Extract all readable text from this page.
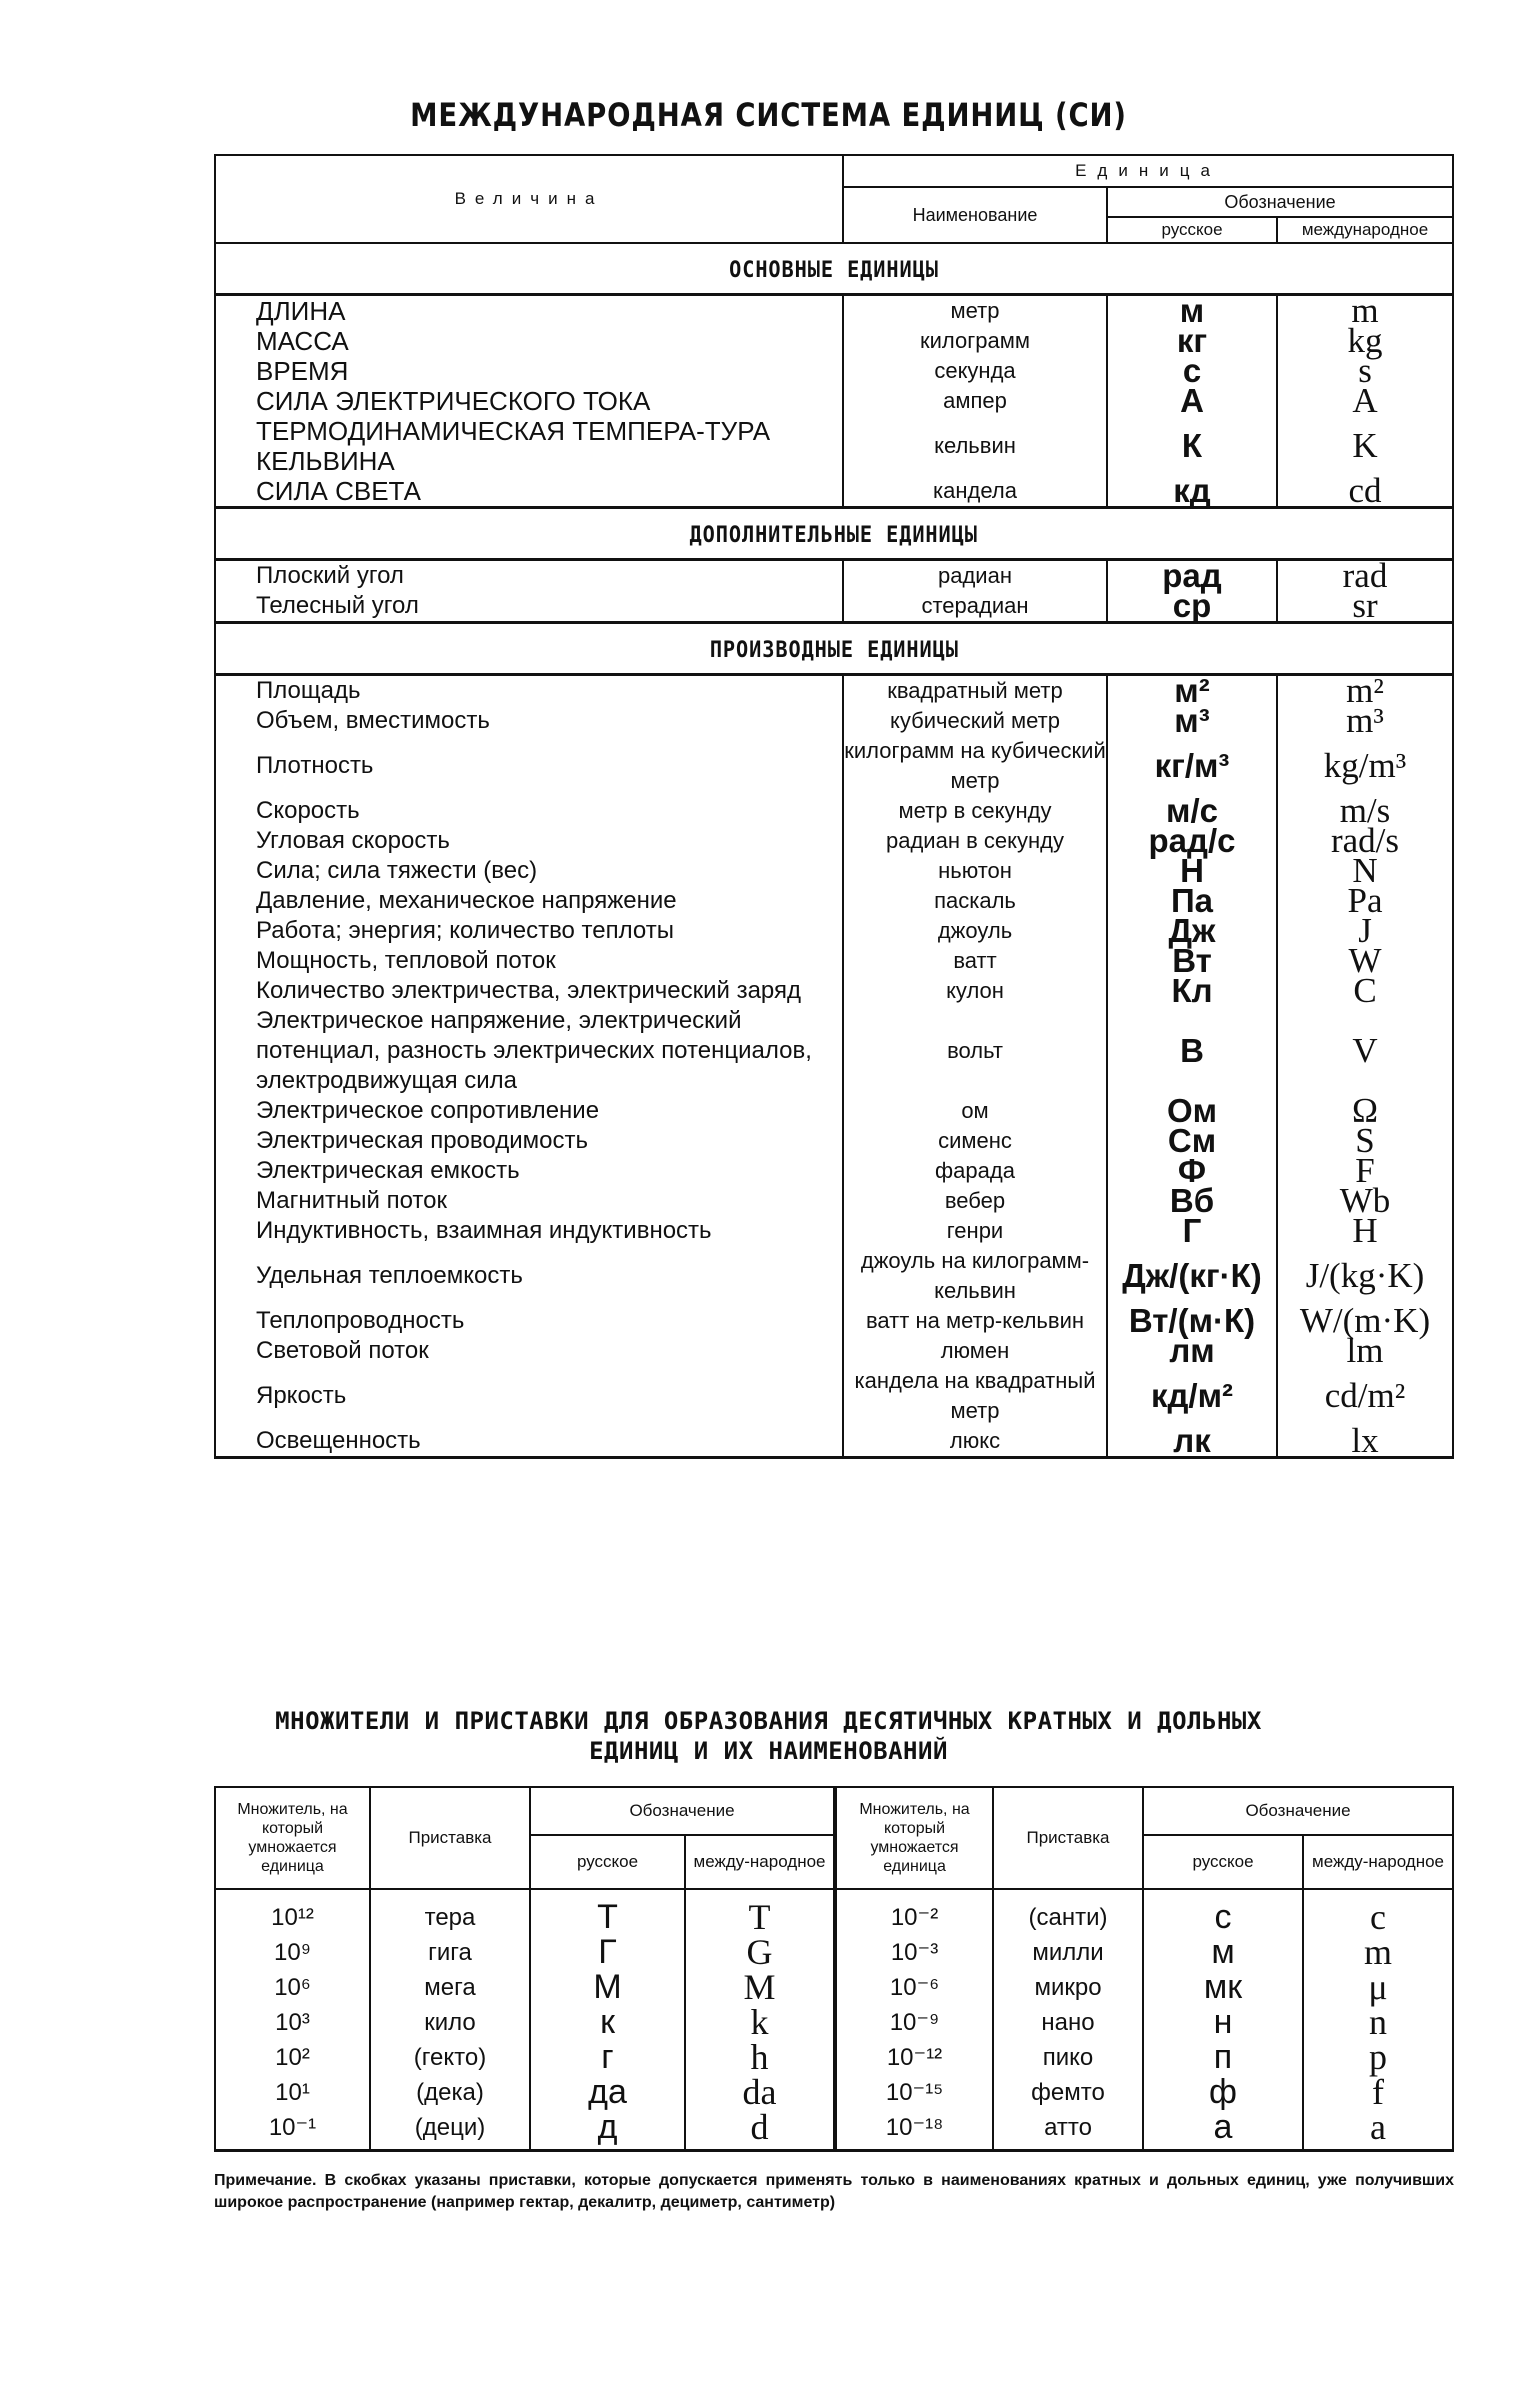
МЕЖДУНАРОДНАЯ СИСТЕМА ЕДИНИЦ (СИ)
Величина	Единица		
	Наименование	Обозначение	
		русское	международное
ОСНОВНЫЕ ЕДИНИЦЫ			
ДЛИНА	метр	м	m
МАССА	килограмм	кг	kg
ВРЕМЯ	секунда	с	s
СИЛА ЭЛЕКТРИЧЕСКОГО ТОКА	ампер	А	A
ТЕРМОДИНАМИЧЕСКАЯ ТЕМПЕРА-ТУРА КЕЛЬВИНА	кельвин	К	K
СИЛА СВЕТА	кандела	кд	cd
ДОПОЛНИТЕЛЬНЫЕ ЕДИНИЦЫ			
Плоский угол	радиан	рад	rad
Телесный угол	стерадиан	ср	sr
ПРОИЗВОДНЫЕ ЕДИНИЦЫ			
Площадь	квадратный метр	м²	m²
Объем, вместимость	кубический метр	м³	m³
Плотность	килограмм на кубический метр	кг/м³	kg/m³
Скорость	метр в секунду	м/с	m/s
Угловая скорость	радиан в секунду	рад/с	rad/s
Сила; сила тяжести (вес)	ньютон	Н	N
Давление, механическое напряжение	паскаль	Па	Pa
Работа; энергия; количество теплоты	джоуль	Дж	J
Мощность, тепловой поток	ватт	Вт	W
Количество электричества, электрический заряд	кулон	Кл	C
Электрическое напряжение, электрический потенциал, разность электрических потенциалов, электродвижущая сила	вольт	В	V
Электрическое сопротивление	ом	Ом	Ω
Электрическая проводимость	сименс	См	S
Электрическая емкость	фарада	Ф	F
Магнитный поток	вебер	Вб	Wb
Индуктивность, взаимная индуктивность	генри	Г	H
Удельная теплоемкость	джоуль на килограмм-кельвин	Дж/(кг·К)	J/(kg·K)
Теплопроводность	ватт на метр-кельвин	Вт/(м·К)	W/(m·K)
Световой поток	люмен	лм	lm
Яркость	кандела на квадратный метр	кд/м²	cd/m²
Освещенность	люкс	лк	lx
МНОЖИТЕЛИ И ПРИСТАВКИ ДЛЯ ОБРАЗОВАНИЯ ДЕСЯТИЧНЫХ КРАТНЫХ И ДОЛЬНЫХ
ЕДИНИЦ И ИХ НАИМЕНОВАНИЙ
Множитель, на который умножается единица	Приставка	Обозначение		Множитель, на который умножается единица	Приставка	Обозначение	
		русское	между-народное			русское	между-народное
10¹²	тера	Т	T	10⁻²	(санти)	с	c
10⁹	гига	Г	G	10⁻³	милли	м	m
10⁶	мега	М	M	10⁻⁶	микро	мк	μ
10³	кило	к	k	10⁻⁹	нано	н	n
10²	(гекто)	г	h	10⁻¹²	пико	п	p
10¹	(дека)	да	da	10⁻¹⁵	фемто	ф	f
10⁻¹	(деци)	д	d	10⁻¹⁸	атто	а	a
Примечание. В скобках указаны приставки, которые допускается применять только в наименованиях кратных и дольных единиц, уже получивших широкое распространение (например гектар, декалитр, дециметр, сантиметр)
